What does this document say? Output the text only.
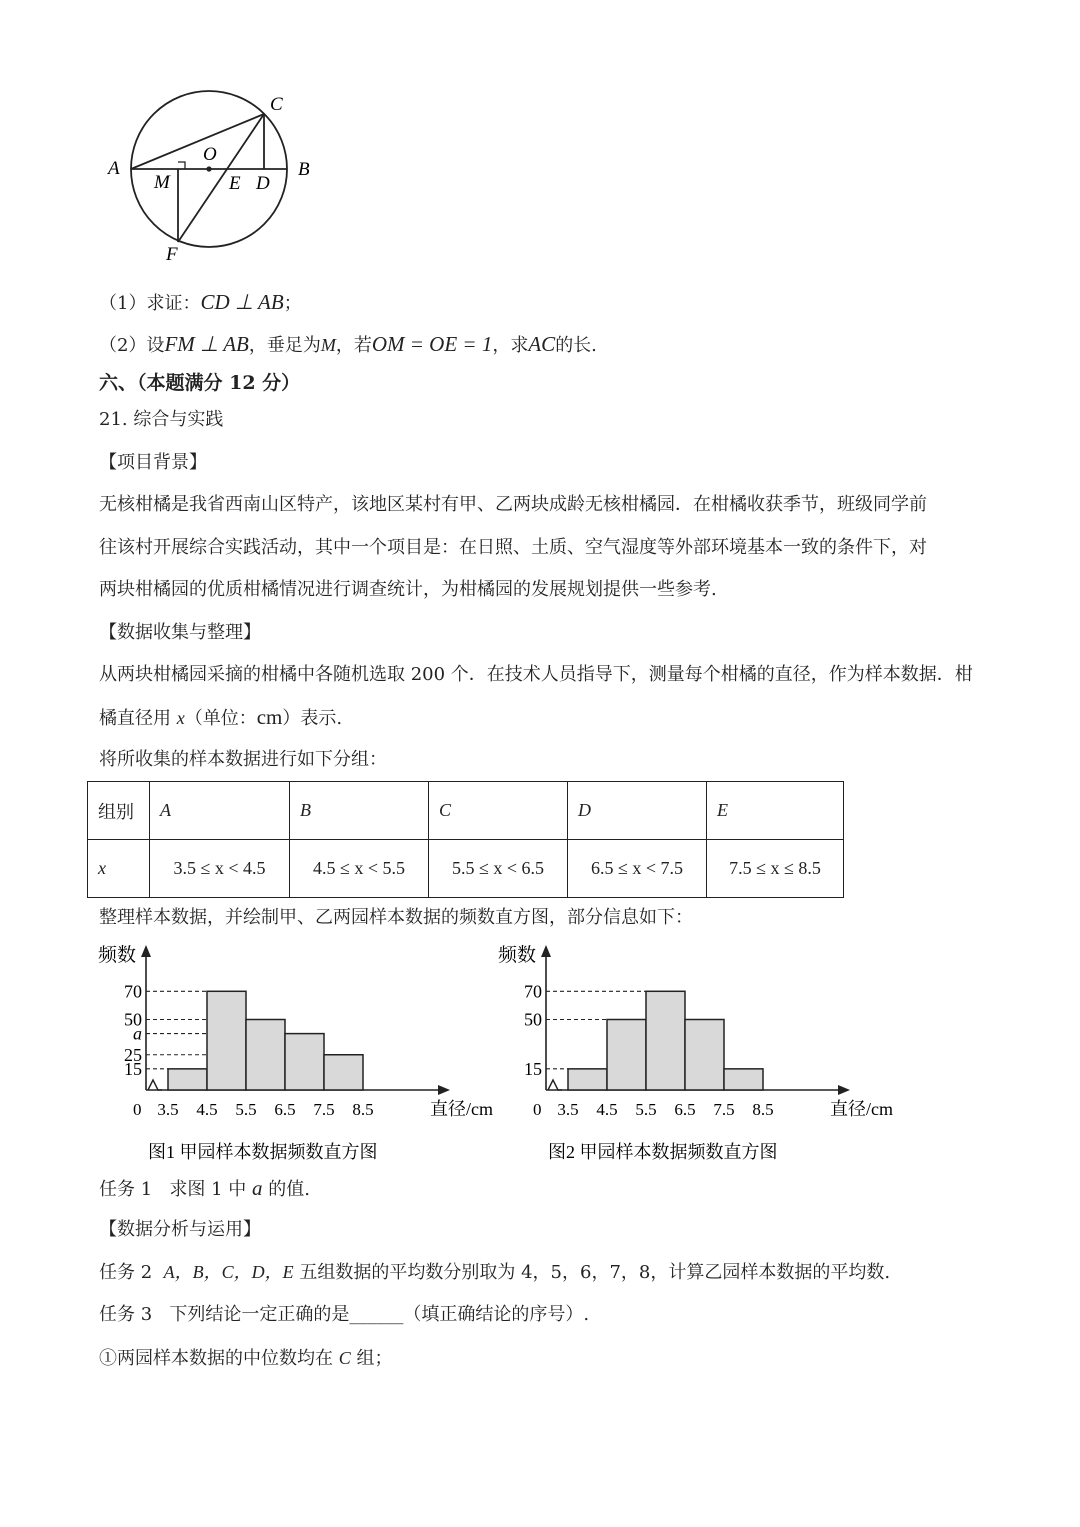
A	B
C
O
M	E D
F
（1）求证：CD ⊥ AB；
（2）设FM ⊥ AB，垂足为M，若OM = OE = 1，求AC的长.
六、（本题满分 12 分）
21. 综合与实践
【项目背景】
无核柑橘是我省西南山区特产，该地区某村有甲、乙两块成龄无核柑橘园．在柑橘收获季节，班级同学前
往该村开展综合实践活动，其中一个项目是：在日照、土质、空气湿度等外部环境基本一致的条件下，对
两块柑橘园的优质柑橘情况进行调查统计，为柑橘园的发展规划提供一些参考.
【数据收集与整理】
从两块柑橘园采摘的柑橘中各随机选取 200 个．在技术人员指导下，测量每个柑橘的直径，作为样本数据．柑
橘直径用 x（单位：cm）表示.
将所收集的样本数据进行如下分组：
组别	A	B	C	D	E
x	3.5 ≤ x < 4.5	4.5 ≤ x < 5.5	5.5 ≤ x < 6.5	6.5 ≤ x < 7.5	7.5 ≤ x ≤ 8.5
整理样本数据，并绘制甲、乙两园样本数据的频数直方图，部分信息如下：
频数
直径/cm
0
70
50
a
25
15
3.5 4.5 5.5 6.5 7.5 8.5
图1 甲园样本数据频数直方图
频数
直径/cm
0
70
50
15
3.5 4.5 5.5 6.5 7.5 8.5
图2 甲园样本数据频数直方图
任务 1 求图 1 中 a 的值.
【数据分析与运用】
任务 2 A，B，C，D，E 五组数据的平均数分别取为 4，5，6，7，8，计算乙园样本数据的平均数.
任务 3 下列结论一定正确的是______（填正确结论的序号）.
①两园样本数据的中位数均在 C 组；
